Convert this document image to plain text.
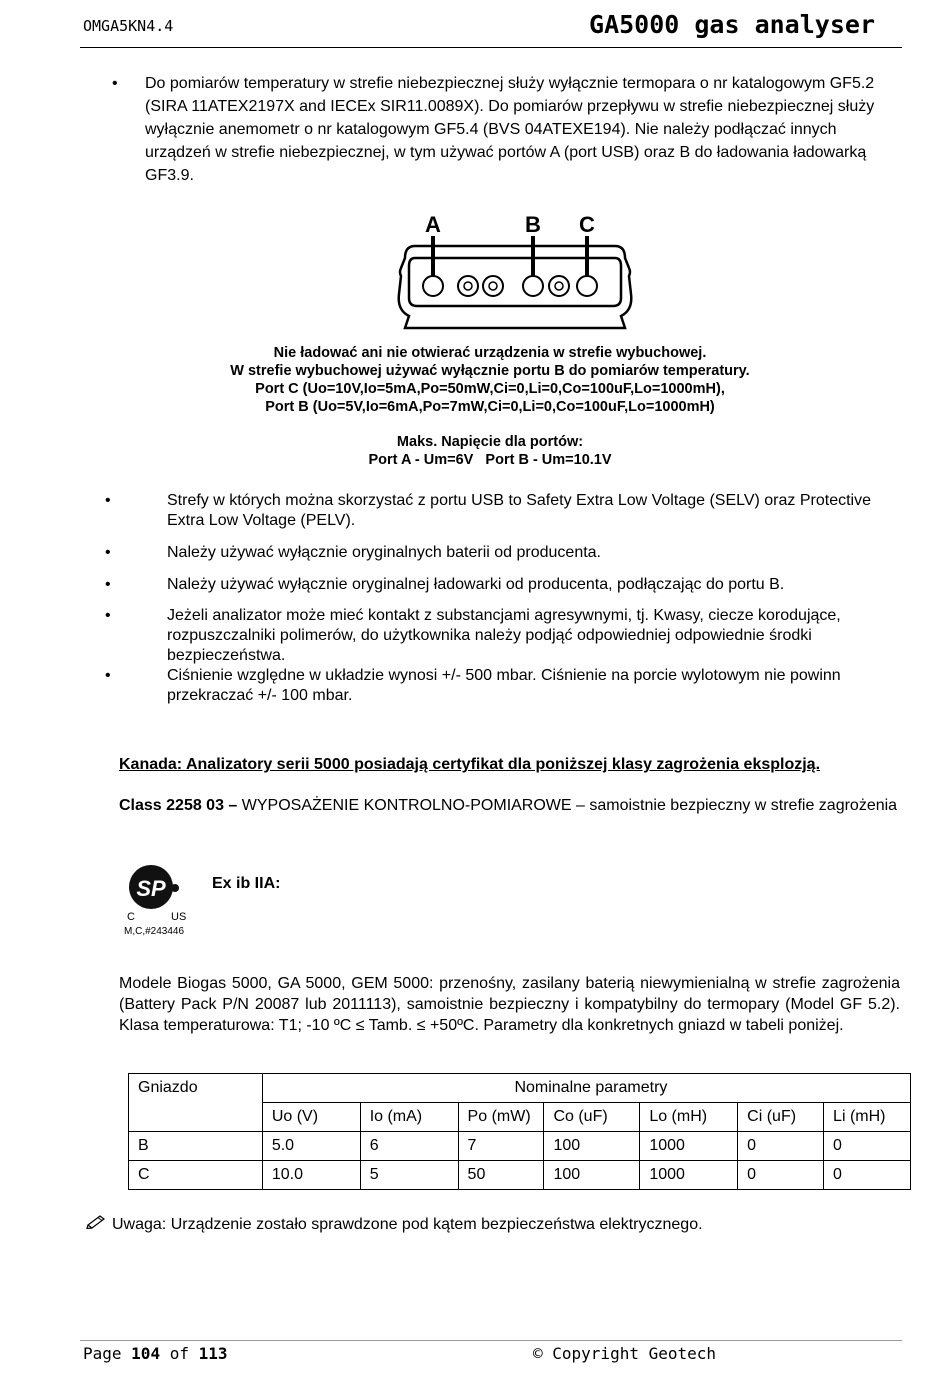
OMGA5KN4.4	GA5000 gas analyser
• Do pomiarów temperatury w strefie niebezpiecznej służy wyłącznie termopara o nr katalogowym GF5.2 (SIRA 11ATEX2197X and IECEx SIR11.0089X). Do pomiarów przepływu w strefie niebezpiecznej służy wyłącznie anemometr o nr katalogowym GF5.4 (BVS 04ATEXE194). Nie należy podłączać innych urządzeń w strefie niebezpiecznej, w tym używać portów A (port USB) oraz B do ładowania ładowarką GF3.9.
A	B C
Nie ładować ani nie otwierać urządzenia w strefie wybuchowej.
W strefie wybuchowej używać wyłącznie portu B do pomiarów temperatury.
Port C (Uo=10V,Io=5mA,Po=50mW,Ci=0,Li=0,Co=100uF,Lo=1000mH),
Port B (Uo=5V,Io=6mA,Po=7mW,Ci=0,Li=0,Co=100uF,Lo=1000mH)
Maks. Napięcie dla portów:
Port A - Um=6V   Port B - Um=10.1V
•	Strefy w których można skorzystać z portu USB to Safety Extra Low Voltage (SELV) oraz Protective Extra Low Voltage (PELV).
•	Należy używać wyłącznie oryginalnych baterii od producenta.
•	Należy używać wyłącznie oryginalnej ładowarki od producenta, podłączając do portu B.
•	Jeżeli analizator może mieć kontakt z substancjami agresywnymi, tj. Kwasy, ciecze korodujące, rozpuszczalniki polimerów, do użytkownika należy podjąć odpowiedniej odpowiednie środki bezpieczeństwa.
•	Ciśnienie względne w układzie wynosi +/- 500 mbar. Ciśnienie na porcie wylotowym nie powinn przekraczać +/- 100 mbar.
Kanada: Analizatory serii 5000 posiadają certyfikat dla poniższej klasy zagrożenia eksplozją.
Class 2258 03 – WYPOSAŻENIE KONTROLNO-POMIAROWE – samoistnie bezpieczny w strefie zagrożenia
SP
C	US
M,C,#243446
Ex ib IIA:
Modele Biogas 5000, GA 5000, GEM 5000: przenośny, zasilany baterią niewymienialną w strefie zagrożenia (Battery Pack P/N 20087 lub 2011113), samoistnie bezpieczny i kompatybilny do termopary (Model GF 5.2). Klasa temperaturowa: T1; -10 ºC ≤ Tamb. ≤ +50ºC. Parametry dla konkretnych gniazd w tabeli poniżej.
Gniazdo	Nominalne parametry						
	Uo (V)	Io (mA)	Po (mW)	Co (uF)	Lo (mH)	Ci (uF)	Li (mH)
B	5.0	6	7	100	1000	0	0
C	10.0	5	50	100	1000	0	0
Uwaga: Urządzenie zostało sprawdzone pod kątem bezpieczeństwa elektrycznego.
Page 104 of 113	© Copyright Geotech
